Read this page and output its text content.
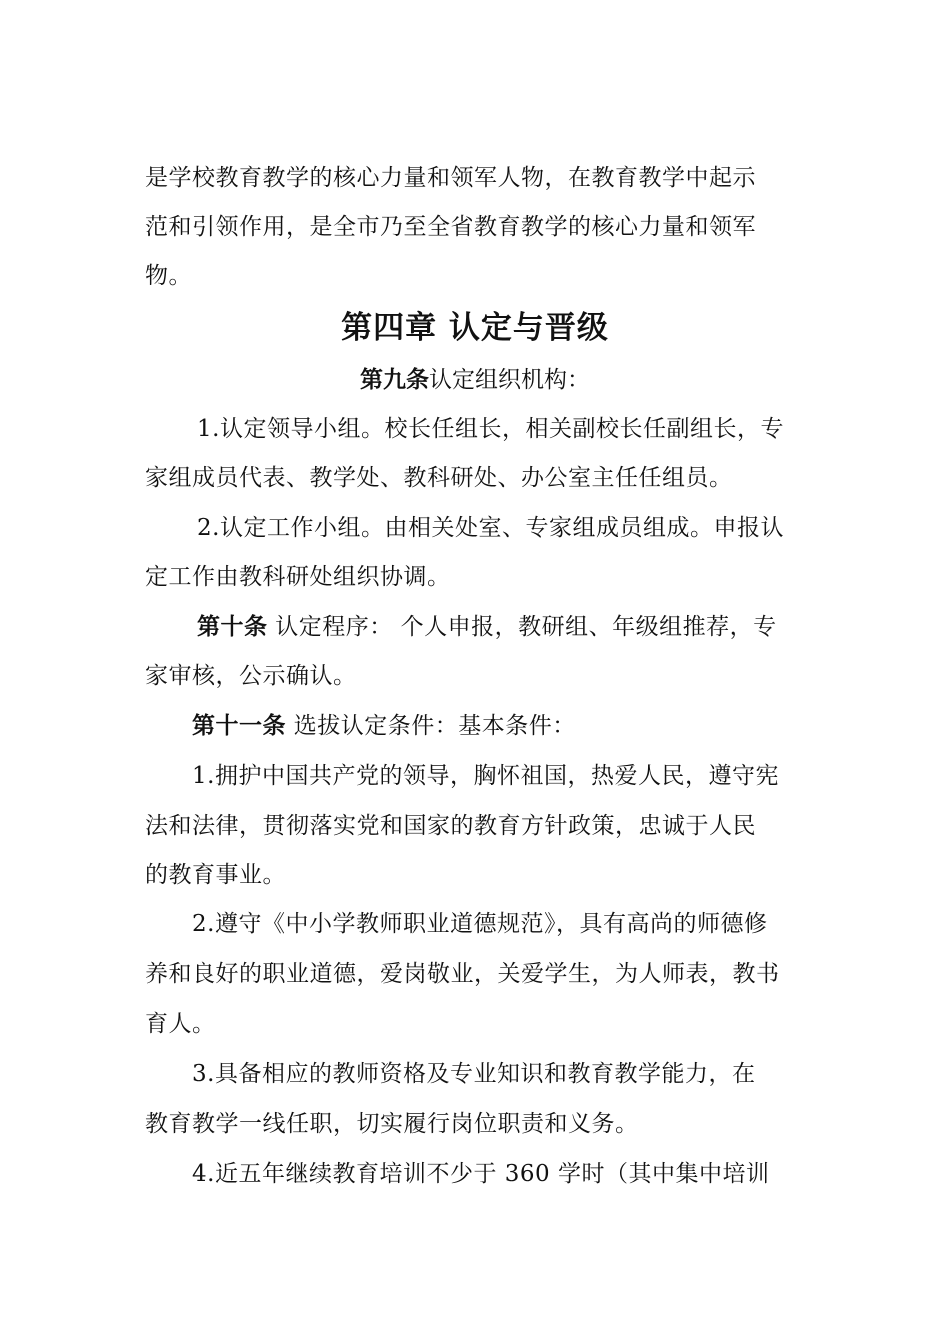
是学校教育教学的核心力量和领军人物，在教育教学中起示
范和引领作用，是全市乃至全省教育教学的核心力量和领军
物。
第四章 认定与晋级
第九条认定组织机构：
1.认定领导小组。校长任组长，相关副校长任副组长，专
家组成员代表、教学处、教科研处、办公室主任任组员。
2.认定工作小组。由相关处室、专家组成员组成。申报认
定工作由教科研处组织协调。
第十条 认定程序： 个人申报，教研组、年级组推荐，专
家审核，公示确认。
第十一条 选拔认定条件：基本条件：
1.拥护中国共产党的领导，胸怀祖国，热爱人民，遵守宪
法和法律，贯彻落实党和国家的教育方针政策，忠诚于人民
的教育事业。
2.遵守《中小学教师职业道德规范》，具有高尚的师德修
养和良好的职业道德，爱岗敬业，关爱学生，为人师表，教书
育人。
3.具备相应的教师资格及专业知识和教育教学能力，在
教育教学一线任职，切实履行岗位职责和义务。
4.近五年继续教育培训不少于 360 学时（其中集中培训
